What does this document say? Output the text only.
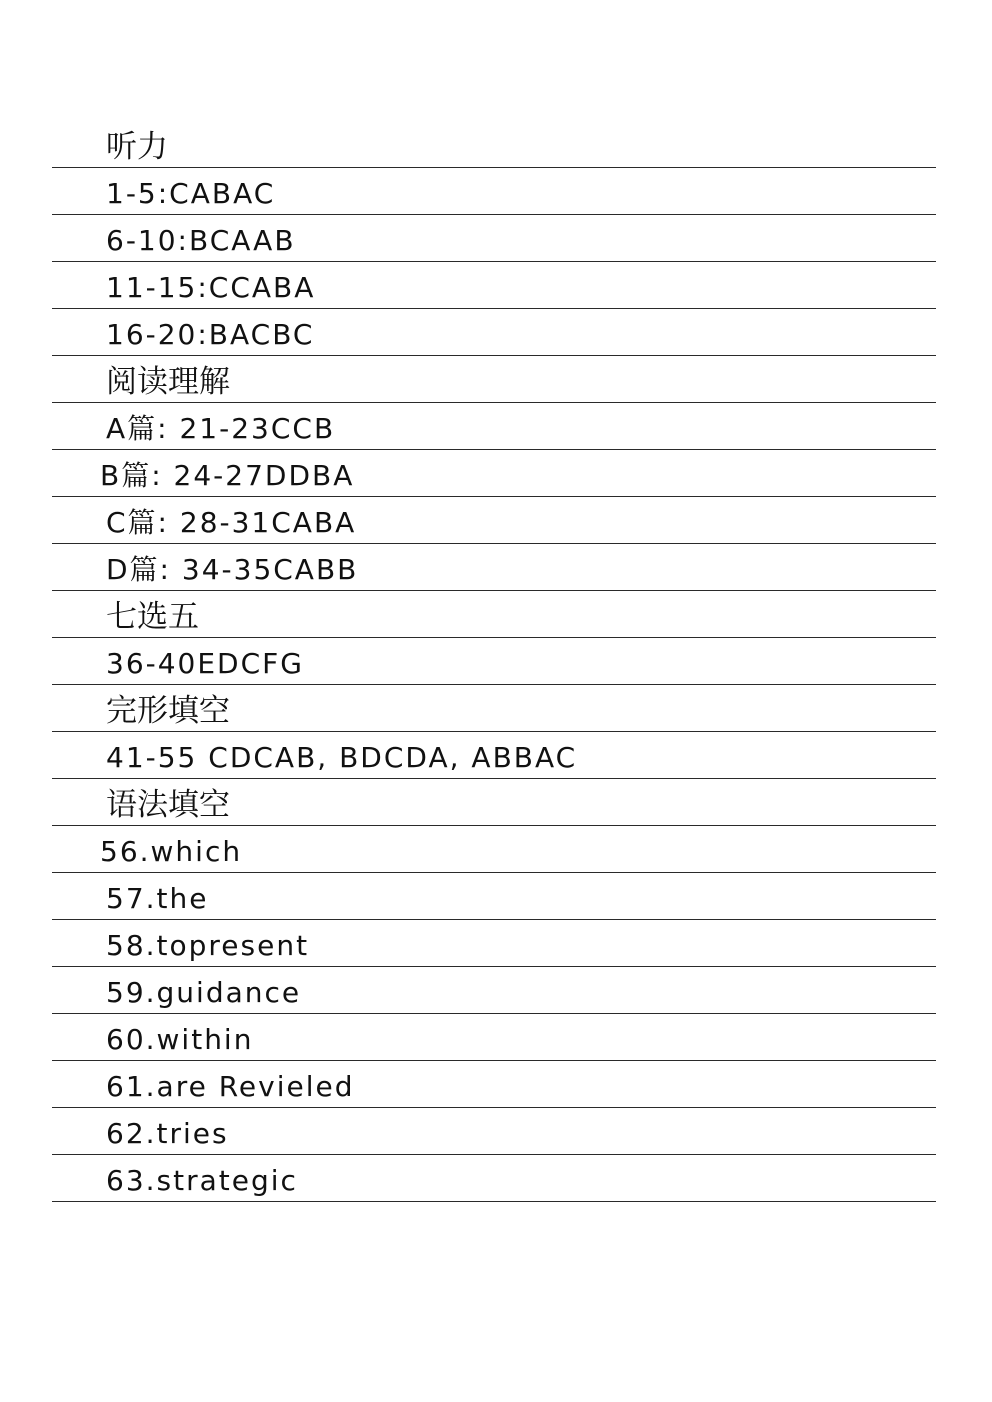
听力
1-5:CABAC
6-10:BCAAB
11-15:CCABA
16-20:BACBC
阅读理解
A篇: 21-23CCB
B篇: 24-27DDBA
C篇: 28-31CABA
D篇: 34-35CABB
七选五
36-40EDCFG
完形填空
41-55 CDCAB, BDCDA, ABBAC
语法填空
56.which
57.the
58.topresent
59.guidance
60.within
61.are Revieled
62.tries
63.strategic
